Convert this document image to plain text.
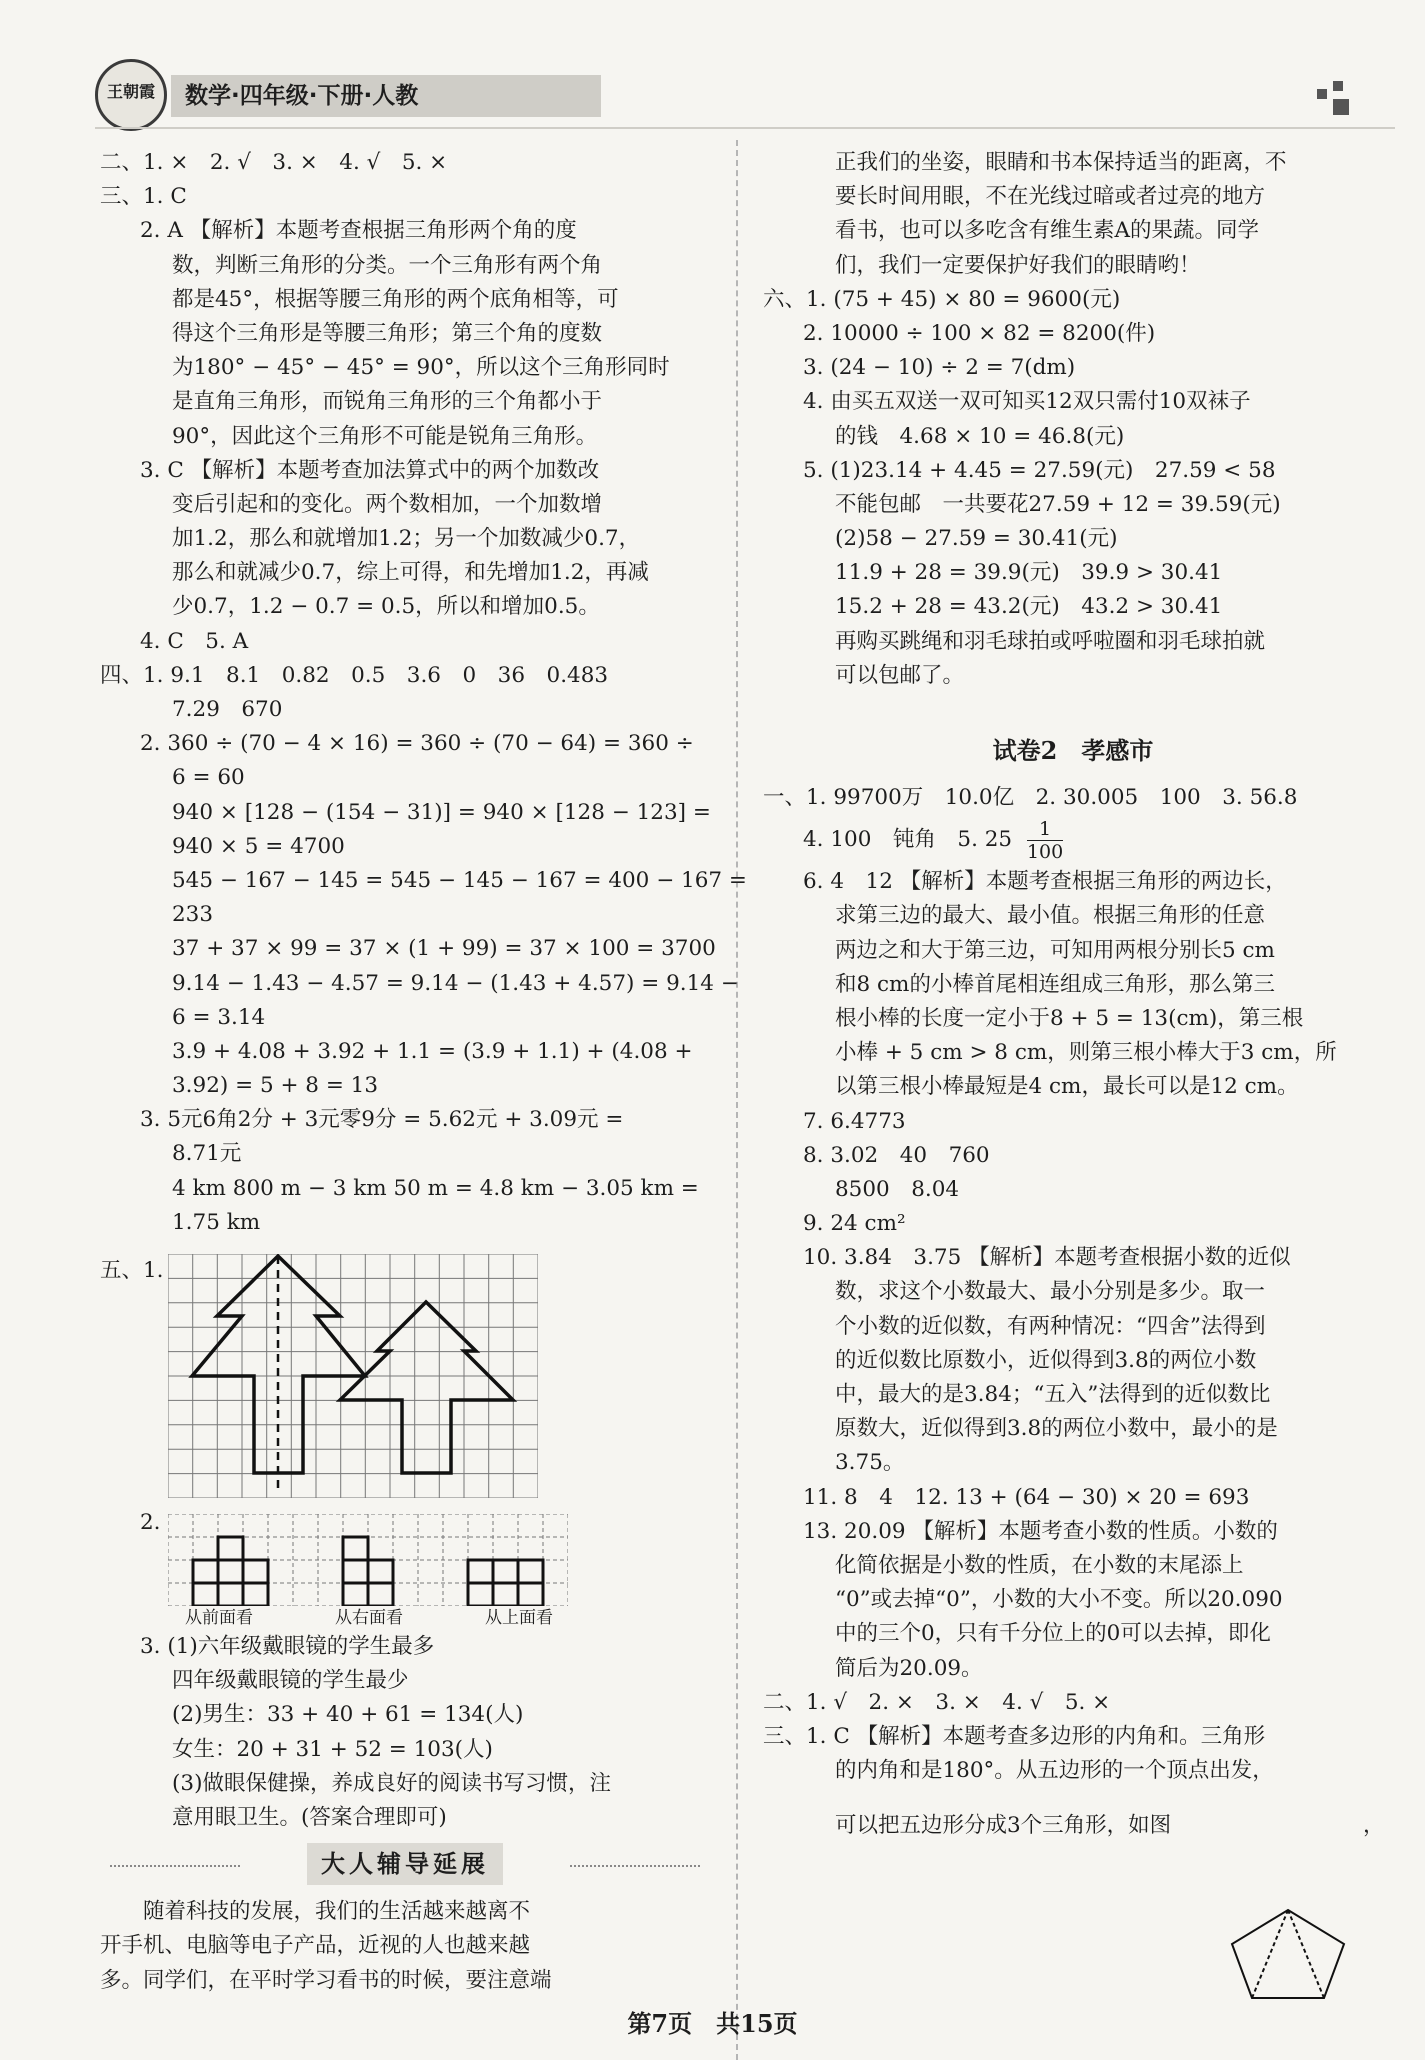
王朝霞	数学·四年级·下册·人教
二、1. ×　2. √　3. ×　4. √　5. ×
三、1. C
2. A 【解析】本题考查根据三角形两个角的度
数，判断三角形的分类。一个三角形有两个角
都是45°，根据等腰三角形的两个底角相等，可
得这个三角形是等腰三角形；第三个角的度数
为180° − 45° − 45° = 90°，所以这个三角形同时
是直角三角形，而锐角三角形的三个角都小于
90°，因此这个三角形不可能是锐角三角形。
3. C 【解析】本题考查加法算式中的两个加数改
变后引起和的变化。两个数相加，一个加数增
加1.2，那么和就增加1.2；另一个加数减少0.7，
那么和就减少0.7，综上可得，和先增加1.2，再减
少0.7，1.2 − 0.7 = 0.5，所以和增加0.5。
4. C　5. A
四、1. 9.1　8.1　0.82　0.5　3.6　0　36　0.483
7.29　670
2. 360 ÷ (70 − 4 × 16) = 360 ÷ (70 − 64) = 360 ÷
6 = 60
940 × [128 − (154 − 31)] = 940 × [128 − 123] =
940 × 5 = 4700
545 − 167 − 145 = 545 − 145 − 167 = 400 − 167 =
233
37 + 37 × 99 = 37 × (1 + 99) = 37 × 100 = 3700
9.14 − 1.43 − 4.57 = 9.14 − (1.43 + 4.57) = 9.14 −
6 = 3.14
3.9 + 4.08 + 3.92 + 1.1 = (3.9 + 1.1) + (4.08 +
3.92) = 5 + 8 = 13
3. 5元6角2分 + 3元零9分 = 5.62元 + 3.09元 =
8.71元
4 km 800 m − 3 km 50 m = 4.8 km − 3.05 km =
1.75 km
五、1.
2.
从前面看	从右面看	从上面看
3. (1)六年级戴眼镜的学生最多
四年级戴眼镜的学生最少
(2)男生：33 + 40 + 61 = 134(人)
女生：20 + 31 + 52 = 103(人)
(3)做眼保健操，养成良好的阅读书写习惯，注
意用眼卫生。(答案合理即可)
大人辅导延展
　　随着科技的发展，我们的生活越来越离不
开手机、电脑等电子产品，近视的人也越来越
多。同学们，在平时学习看书的时候，要注意端
正我们的坐姿，眼睛和书本保持适当的距离，不
要长时间用眼，不在光线过暗或者过亮的地方
看书，也可以多吃含有维生素A的果蔬。同学
们，我们一定要保护好我们的眼睛哟！
六、1. (75 + 45) × 80 = 9600(元)
2. 10000 ÷ 100 × 82 = 8200(件)
3. (24 − 10) ÷ 2 = 7(dm)
4. 由买五双送一双可知买12双只需付10双袜子
的钱　4.68 × 10 = 46.8(元)
5. (1)23.14 + 4.45 = 27.59(元)　27.59 < 58
不能包邮　一共要花27.59 + 12 = 39.59(元)
(2)58 − 27.59 = 30.41(元)
11.9 + 28 = 39.9(元)　39.9 > 30.41
15.2 + 28 = 43.2(元)　43.2 > 30.41
再购买跳绳和羽毛球拍或呼啦圈和羽毛球拍就
可以包邮了。
试卷2　孝感市
一、1. 99700万　10.0亿　2. 30.005　100　3. 56.8
4. 100　钝角　5. $25 \frac{1}{100}$
6. 4　12 【解析】本题考查根据三角形的两边长，
求第三边的最大、最小值。根据三角形的任意
两边之和大于第三边，可知用两根分别长5 cm
和8 cm的小棒首尾相连组成三角形，那么第三
根小棒的长度一定小于8 + 5 = 13(cm)，第三根
小棒 + 5 cm > 8 cm，则第三根小棒大于3 cm，所
以第三根小棒最短是4 cm，最长可以是12 cm。
7. 6.4773
8. 3.02　40　760
8500　8.04
9. 24 cm²
10. 3.84　3.75 【解析】本题考查根据小数的近似
数，求这个小数最大、最小分别是多少。取一
个小数的近似数，有两种情况：“四舍”法得到
的近似数比原数小，近似得到3.8的两位小数
中，最大的是3.84；“五入”法得到的近似数比
原数大，近似得到3.8的两位小数中，最小的是
3.75。
11. 8　4　12. 13 + (64 − 30) × 20 = 693
13. 20.09 【解析】本题考查小数的性质。小数的
化简依据是小数的性质，在小数的末尾添上
“0”或去掉“0”，小数的大小不变。所以20.090
中的三个0，只有千分位上的0可以去掉，即化
简后为20.09。
二、1. √　2. ×　3. ×　4. √　5. ×
三、1. C 【解析】本题考查多边形的内角和。三角形
的内角和是180°。从五边形的一个顶点出发，
可以把五边形分成3个三角形，如图	，
第7页　共15页
